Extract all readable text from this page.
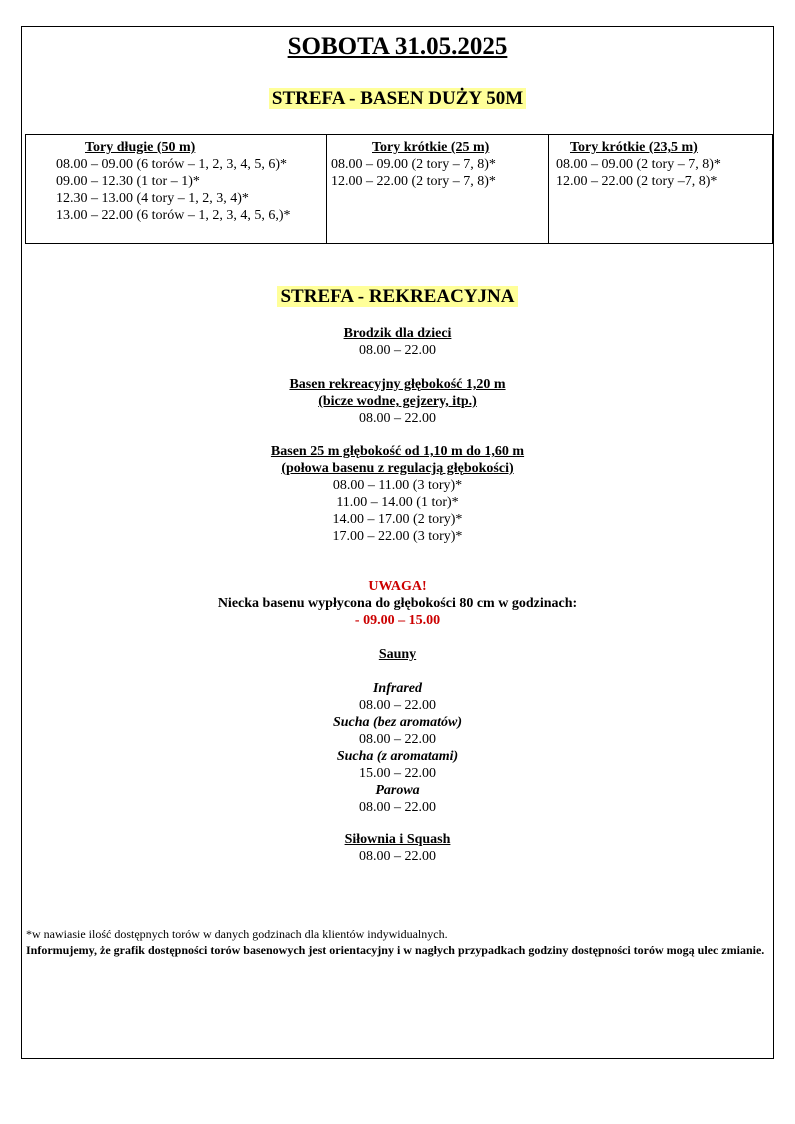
SOBOTA 31.05.2025
STREFA - BASEN DUŻY 50M
Tory długie (50 m)
08.00 – 09.00 (6 torów – 1, 2, 3, 4, 5, 6)*
09.00 – 12.30 (1 tor – 1)*
12.30 – 13.00 (4 tory – 1, 2, 3, 4)*
13.00 – 22.00 (6 torów – 1, 2, 3, 4, 5, 6,)*
Tory krótkie (25 m)
08.00 – 09.00 (2 tory – 7, 8)*
12.00 – 22.00 (2 tory – 7, 8)*
Tory krótkie (23,5 m)
08.00 – 09.00 (2 tory – 7, 8)*
12.00 – 22.00 (2 tory –7, 8)*
STREFA - REKREACYJNA
Brodzik dla dzieci
08.00 – 22.00
Basen rekreacyjny głębokość 1,20 m
(bicze wodne, gejzery, itp.)
08.00 – 22.00
Basen 25 m głębokość od 1,10 m do 1,60 m
(połowa basenu z regulacją głębokości)
08.00 – 11.00 (3 tory)*
11.00 – 14.00 (1 tor)*
14.00 – 17.00 (2 tory)*
17.00 – 22.00 (3 tory)*
UWAGA!
Niecka basenu wypłycona do głębokości 80 cm w godzinach:
- 09.00 – 15.00
Sauny
Infrared
08.00 – 22.00
Sucha (bez aromatów)
08.00 – 22.00
Sucha (z aromatami)
15.00 – 22.00
Parowa
08.00 – 22.00
Siłownia i Squash
08.00 – 22.00
*w nawiasie ilość dostępnych torów w danych godzinach dla klientów indywidualnych.
Informujemy, że grafik dostępności torów basenowych jest orientacyjny i w nagłych przypadkach godziny dostępności torów mogą ulec zmianie.
